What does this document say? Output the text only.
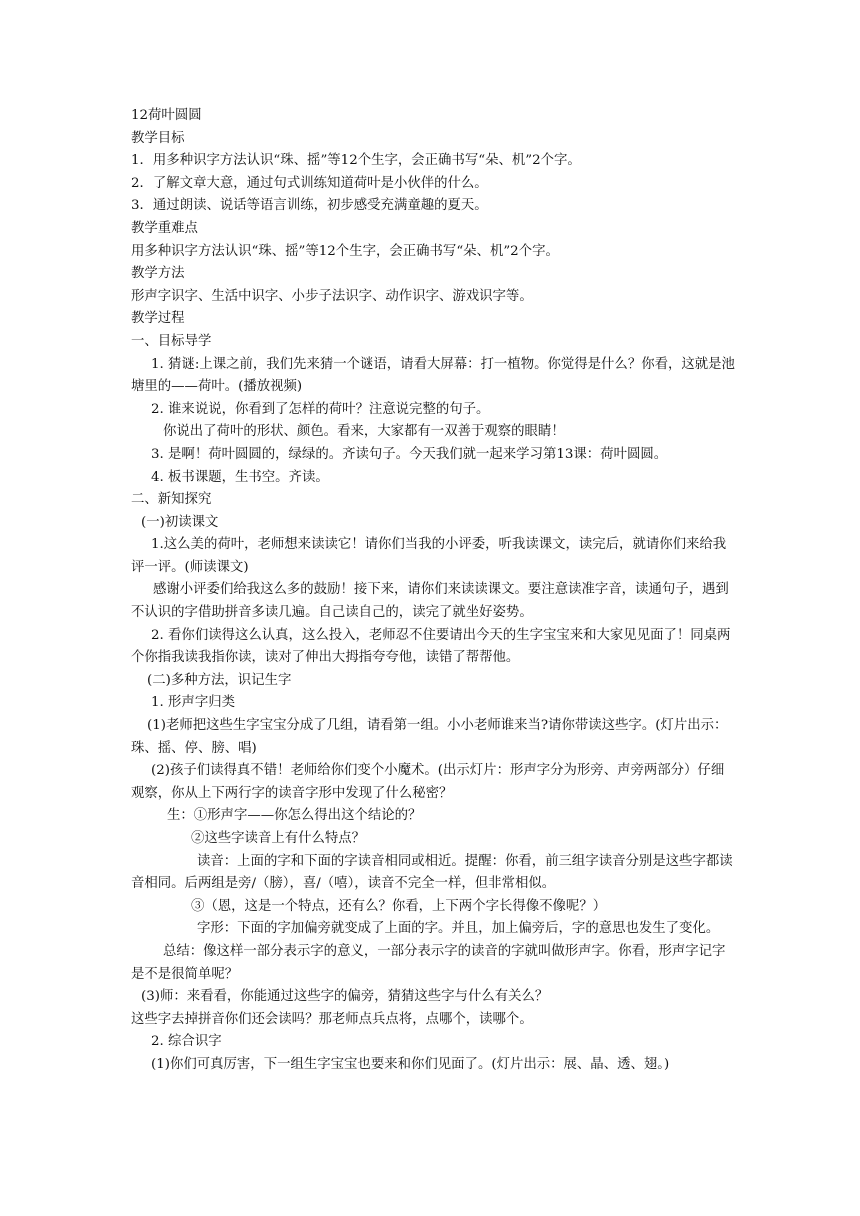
12荷叶圆圆

教学目标

1．用多种识字方法认识“珠、摇”等12个生字，会正确书写“朵、机”2个字。

2．了解文章大意，通过句式训练知道荷叶是小伙伴的什么。

3．通过朗读、说话等语言训练，初步感受充满童趣的夏天。

教学重难点

用多种识字方法认识“珠、摇”等12个生字，会正确书写“朵、机”2个字。

教学方法

形声字识字、生活中识字、小步子法识字、动作识字、游戏识字等。

教学过程

一、目标导学

1. 猜谜:上课之前，我们先来猜一个谜语，请看大屏幕：打一植物。你觉得是什么？你看，这就是池塘里的——荷叶。(播放视频)

2. 谁来说说，你看到了怎样的荷叶？注意说完整的句子。

你说出了荷叶的形状、颜色。看来，大家都有一双善于观察的眼睛！

3. 是啊！荷叶圆圆的，绿绿的。齐读句子。今天我们就一起来学习第13课：荷叶圆圆。

4. 板书课题，生书空。齐读。

二、新知探究

(一)初读课文

1.这么美的荷叶，老师想来读读它！请你们当我的小评委，听我读课文，读完后，就请你们来给我评一评。(师读课文)

感谢小评委们给我这么多的鼓励！接下来，请你们来读读课文。要注意读准字音，读通句子，遇到不认识的字借助拼音多读几遍。自己读自己的，读完了就坐好姿势。

2. 看你们读得这么认真，这么投入，老师忍不住要请出今天的生字宝宝来和大家见见面了！同桌两个你指我读我指你读，读对了伸出大拇指夸夸他，读错了帮帮他。

(二)多种方法，识记生字

1. 形声字归类

(1)老师把这些生字宝宝分成了几组，请看第一组。小小老师谁来当?请你带读这些字。(灯片出示：珠、摇、停、膀、唱)

(2)孩子们读得真不错！老师给你们变个小魔术。(出示灯片：形声字分为形旁、声旁两部分）仔细观察，你从上下两行字的读音字形中发现了什么秘密？

生：①形声字——你怎么得出这个结论的？

②这些字读音上有什么特点？

读音：上面的字和下面的字读音相同或相近。提醒：你看，前三组字读音分别是这些字都读音相同。后两组是旁/（膀），喜/（嘻），读音不完全一样，但非常相似。

③（恩，这是一个特点，还有么？你看，上下两个字长得像不像呢？）

字形：下面的字加偏旁就变成了上面的字。并且，加上偏旁后，字的意思也发生了变化。

总结：像这样一部分表示字的意义，一部分表示字的读音的字就叫做形声字。你看，形声字记字是不是很简单呢？

(3)师：来看看，你能通过这些字的偏旁，猜猜这些字与什么有关么？

这些字去掉拼音你们还会读吗？那老师点兵点将，点哪个，读哪个。

2. 综合识字

(1)你们可真厉害，下一组生字宝宝也要来和你们见面了。(灯片出示：展、晶、透、翅。)
